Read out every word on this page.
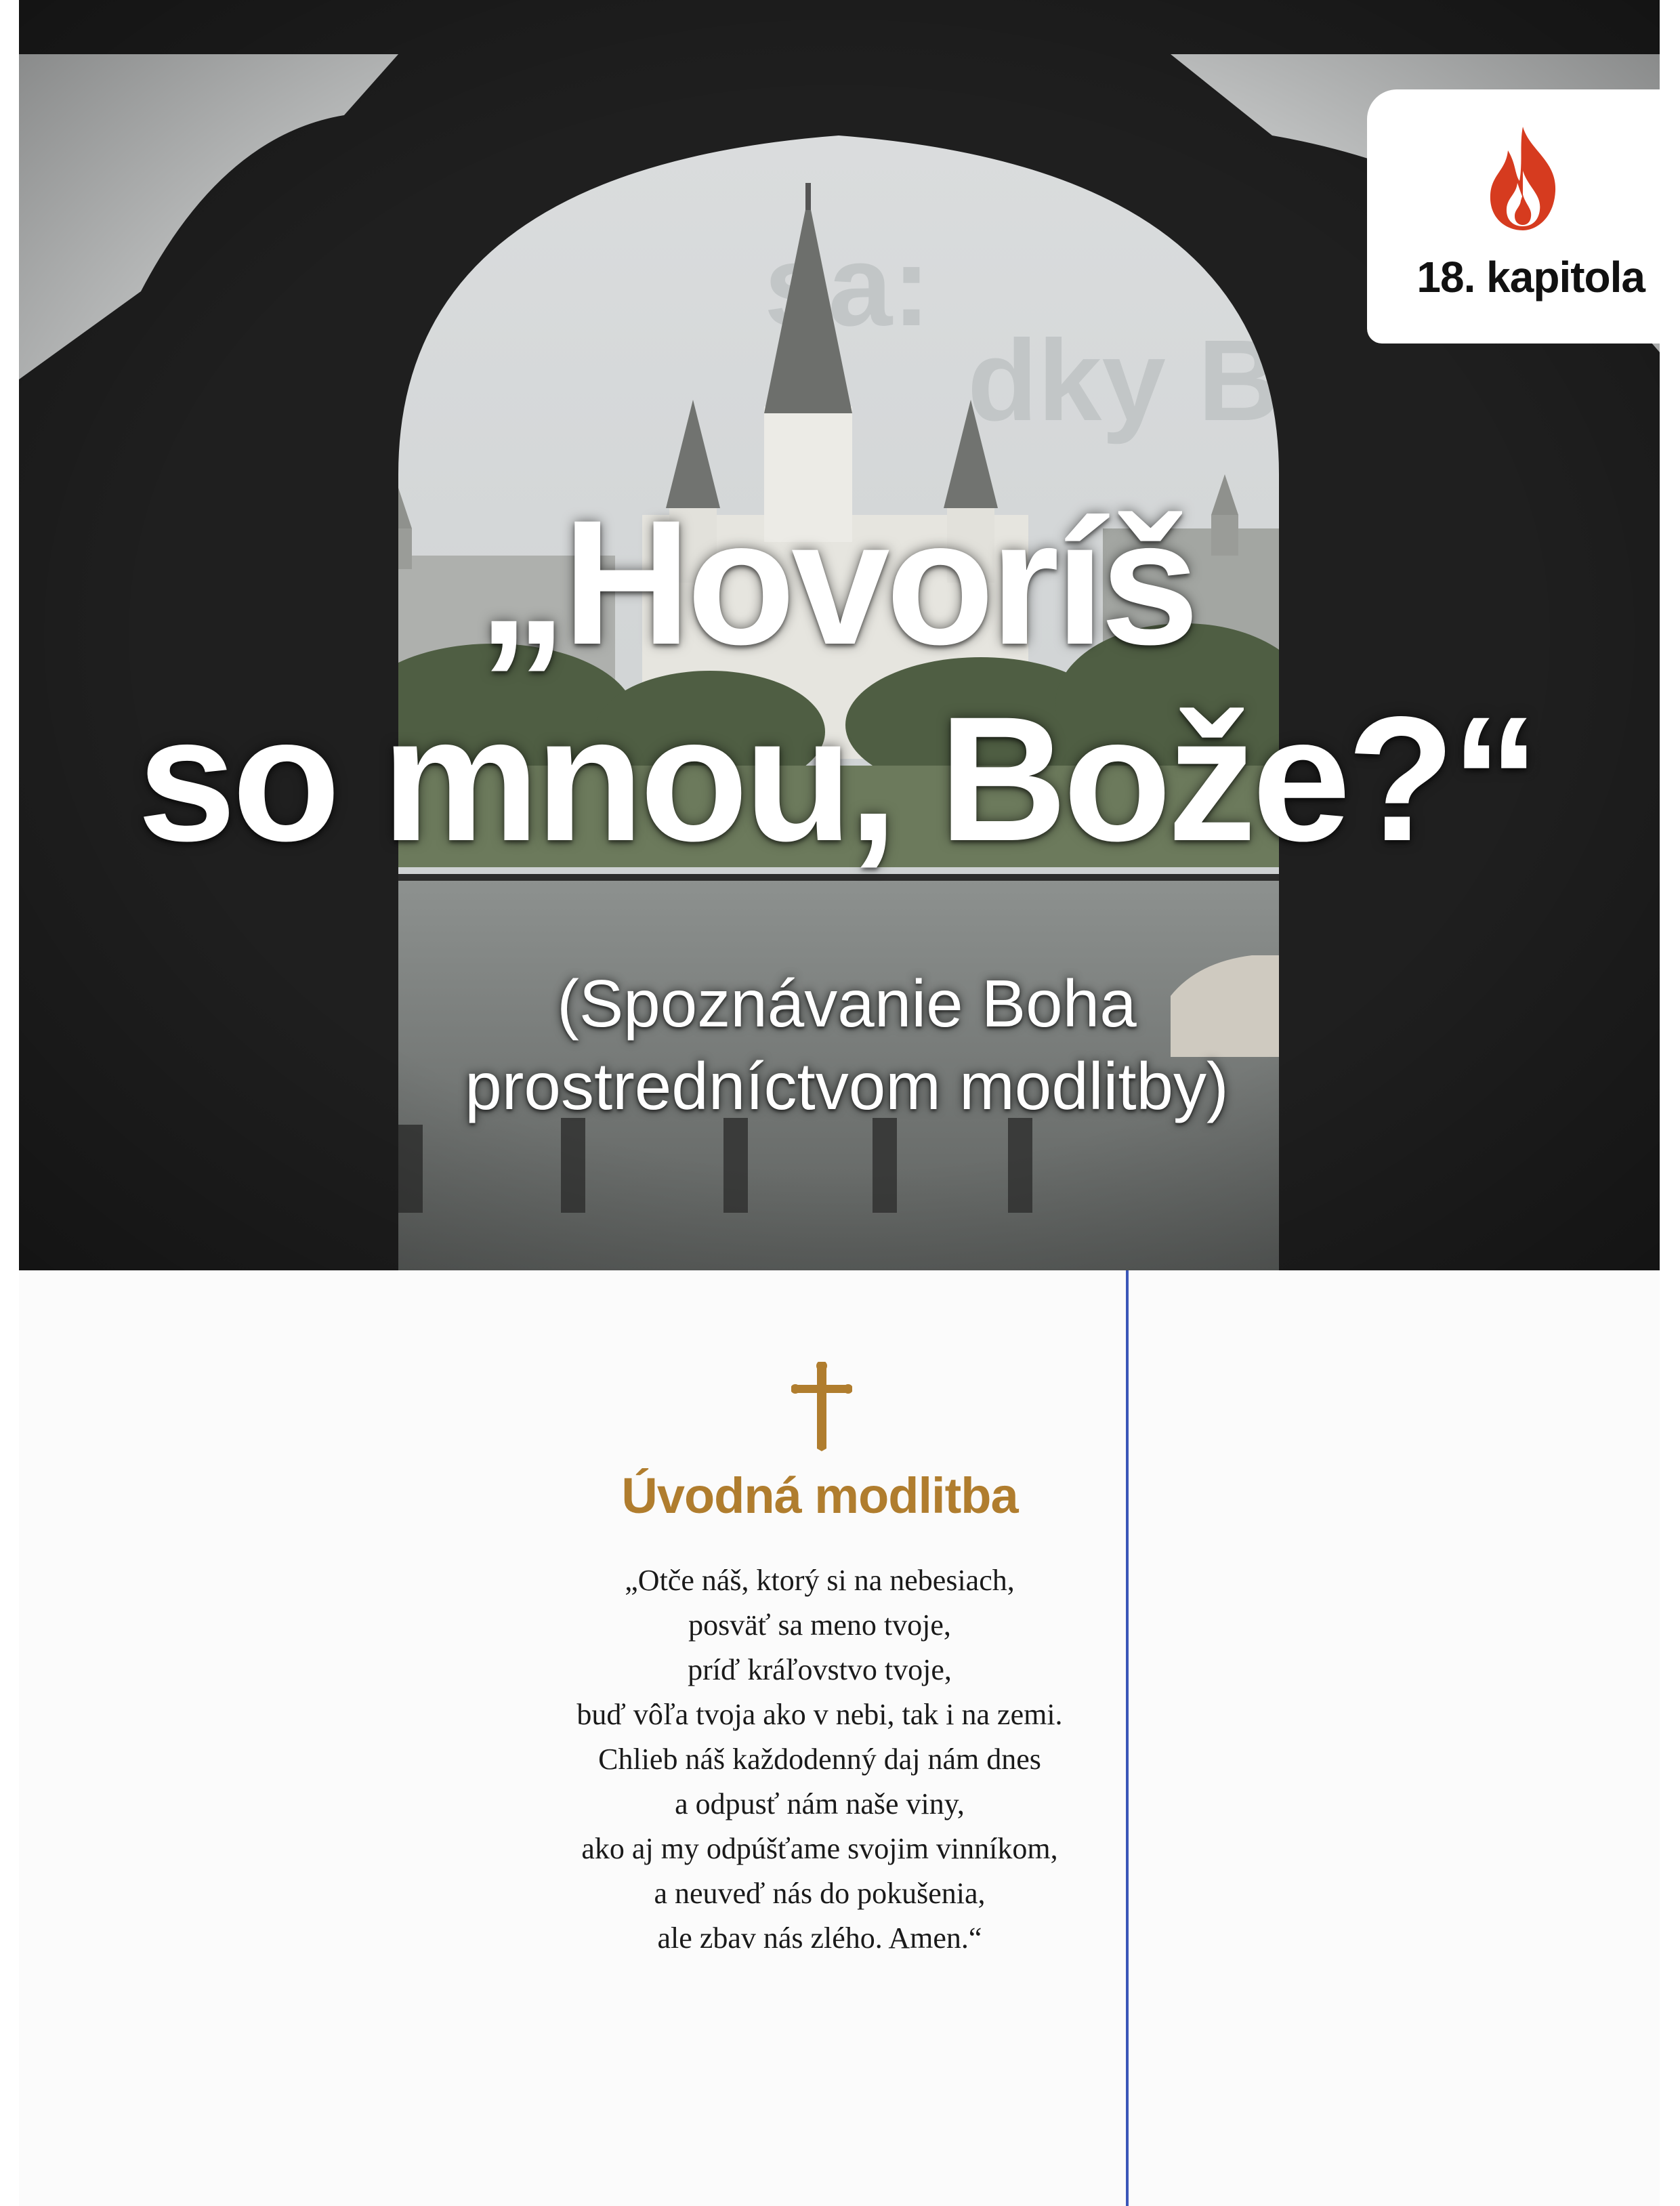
18. kapitola
„Hovoríš
so mnou, Bože?“
(Spoznávanie Boha
prostredníctvom modlitby)
Úvodná modlitba
„Otče náš, ktorý si na nebesiach,
posväť sa meno tvoje,
príď kráľovstvo tvoje,
buď vôľa tvoja ako v nebi, tak i na zemi.
Chlieb náš každodenný daj nám dnes
a odpusť nám naše viny,
ako aj my odpúšťame svojim vinníkom,
a neuveď nás do pokušenia,
ale zbav nás zlého. Amen.“
